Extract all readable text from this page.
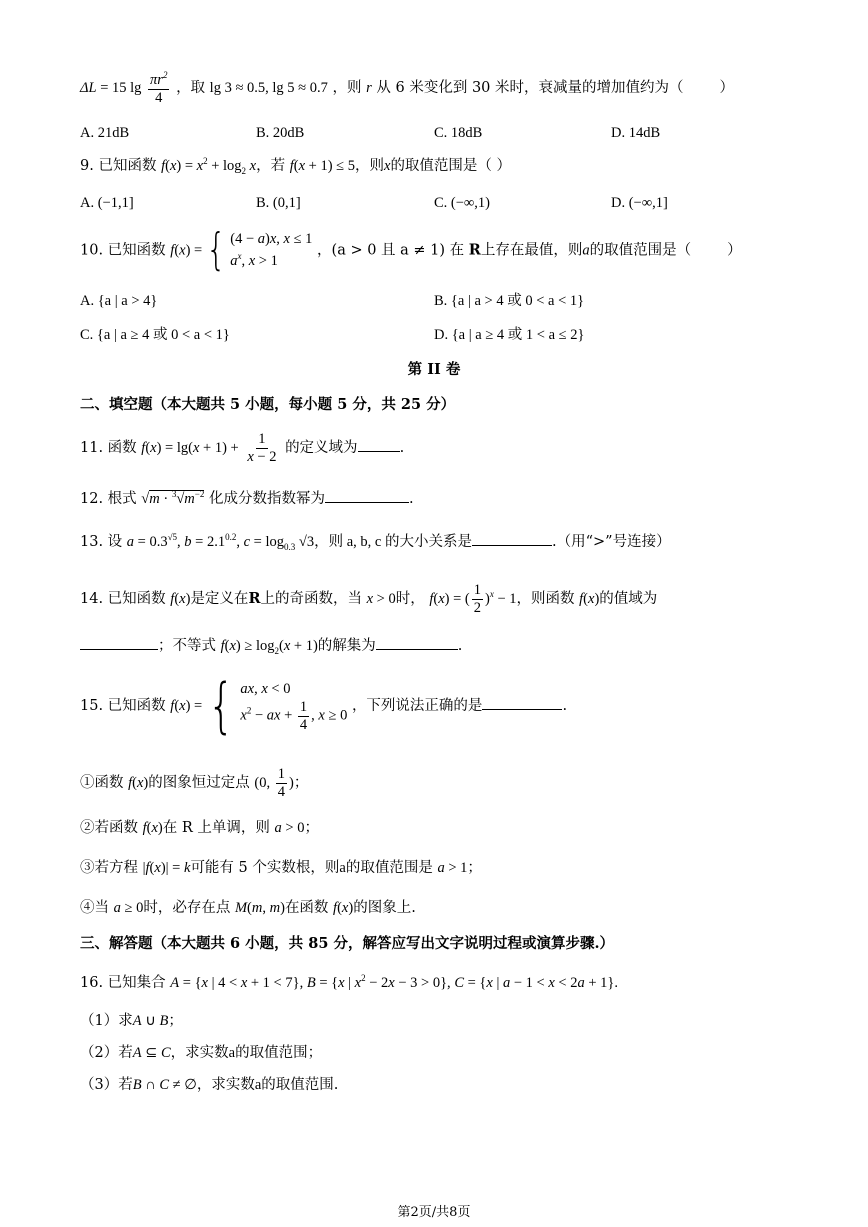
ΔL = 15 $\lg \frac{\pi r^2}{4}$ ，取 lg 3 ≈ 0.5, lg 5 ≈ 0.7 ，则 r 从 6 米变化到 30 米时，衰减量的增加值约为（ ）
A. 21dB	B. 20dB	C. 18dB	D. 14dB
9. 已知函数 $f(x) = x^2 + \log_2 x$，若 f(x + 1) ≤ 5，则x的取值范围是（ ）
A. (−1,1]	B. (0,1]	C. (−∞,1)	D. (−∞,1]
10. 已知函数 f(x) ={ (4 − a)x, x ≤ 1
$a^x$, x > 1
，(a > 0 且 a ≠ 1) 在 R上存在最值，则a的取值范围是（ ）
A. {a | a > 4}	B. {a | a > 4 或 0 < a < 1}
C. {a | a ≥ 4 或 0 < a < 1}	D. {a | a ≥ 4 或 1 < a ≤ 2}
第 II 卷
二、填空题（本大题共 5 小题，每小题 5 分，共 25 分）
11. 函数 $f(x) = \lg(x + 1) + \frac{1}{x - 2}$ 的定义域为	.
12. 根式 $√m \cdot ^3√m^{-2}$ 化成分数指数幂为	.
13. 设 $a = 0.3^{√5}$, $b = 2.1^{0.2}$, $c = \log_{0.3} √3$，则 a, b, c 的大小关系是	.（用“>”号连接）
14. 已知函数 f(x)是定义在R上的奇函数，当 x > 0时， f(x) = ( $\frac{1}{2} )^x - 1$，则函数 f(x)的值域为
；不等式 $f(x) \ge \log_2(x + 1)$的解集为	.
15. 已知函数 f(x) ={ ax, x < 0
$x^2$ − ax + $\frac{1}{4}$ , x ≥ 0
，下列说法正确的是	.
①函数 f(x)的图象恒过定点 (0, $\frac{1}{4}$ )；
②若函数 f(x)在 R 上单调，则 a > 0；
③若方程 |f(x)| = k可能有 5 个实数根，则a的取值范围是 a > 1；
④当 a ≥ 0时，必存在点 M(m, m)在函数 f(x)的图象上.
三、解答题（本大题共 6 小题，共 85 分，解答应写出文字说明过程或演算步骤.）
16. 已知集合 A = {x | 4 < x + 1 < 7}, B = {x | $x^2 - 2x - 3 > 0$}, C = {x | a − 1 < x < 2a + 1}.
（1）求A ∪ B；
（2）若A ⊆ C，求实数a的取值范围；
（3）若B ∩ C ≠ ∅，求实数a的取值范围.
第2页/共8页
